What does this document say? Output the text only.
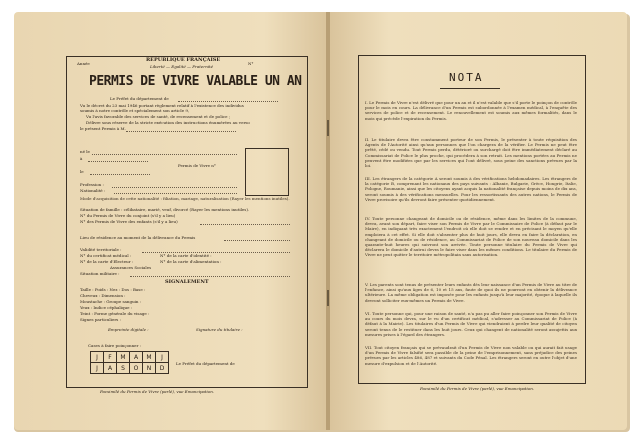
Année
RÉPUBLIQUE FRANÇAISE
Liberté — Egalité — Fraternité
N°
PERMIS DE VIVRE VALABLE UN AN
Le Préfet du département de
Vu le décret du 23 mai 1946 portant règlement relatif à l'existence des individus
soumis à notre contrôle et spécialement son article 9,
Vu l'avis favorable des services de santé, de recensement et de police ;
Délivre sous réserve de la stricte exécution des instructions énumérées au verso
le présent Permis à M.
né le
à
Permis de Vivre n°
le
Profession :
Nationalité :
Mode d'acquisition de cette nationalité : filiation, mariage, naturalisation (Rayer les mentions inutiles).
Situation de famille : célibataire, marié, veuf, divorcé (Rayer les mentions inutiles).
N° du Permis de Vivre du conjoint (s'il y a lieu)
N° des Permis de Vivre des enfants (s'il y a lieu)
Lieu de résidence au moment de la délivrance du Permis
Validité territoriale :
N° du certificat médical :	N° de la carte d'identité :
N° de la carte d'Electeur :	N° de la carte d'alimentation :
Assurances Sociales
Situation militaire :
SIGNALEMENT
Taille : Poids : Nez : Dos : Base :
Cheveux : Dimension :
Moustache : Groupe sanguin :
Yeux : Indice céphalique :
Teint : Forme générale du visage :
Signes particuliers :
Empreinte digitale :	Signature du titulaire :
Cases à faire poinçonner :
J	F	M	A	M	J
J	A	S	O	N	D
Le Préfet du département de
Facsimilé du Permis de Vivre (parlé), vue Emancipation.
NOTA
I. Le Permis de Vivre n'est délivré que pour un an et il n'est valable que s'il porte le poinçon de contrôle pour le mois en cours. La délivrance d'un Permis est subordonnée à l'examen médical, à l'enquête des services de police et de recensement. Le renouvellement est soumis aux mêmes formalités, dans le mois qui précède l'expiration du Permis.
II. Le titulaire devra être constamment porteur de son Permis, le présenter à toute réquisition des Agents de l'Autorité ainsi qu'aux personnes que l'on chargera de la vérifier. Le Permis ne peut être prêté, cédé ou vendu. Tout Permis perdu, détérioré ou surchargé doit être immédiatement déclaré au Commissariat de Police le plus proche, qui procédera à son retrait. Les mentions portées au Permis ne peuvent être modifiées que par les services qui l'ont délivré, sous peine des sanctions prévues par la loi.
III. Les étrangers de la catégorie A seront soumis à des vérifications hebdomadaires. Les étrangers de la catégorie B, comprenant les nationaux des pays suivants : Albanie, Bulgarie, Grèce, Hongrie, Italie, Pologne, Roumanie, ainsi que les citoyens ayant acquis la nationalité française depuis moins de dix ans, seront soumis à des vérifications mensuelles. Pour les ressortissants des autres nations, le Permis de Vivre provisoire qu'ils devront faire présenter quotidiennement.
IV. Toute personne changeant de domicile ou de résidence, même dans les limites de la commune, devra, avant son départ, faire viser son Permis de Vivre par le Commissaire de Police (à défaut par le Maire), en indiquant très exactement l'endroit où elle doit se rendre et en précisant le moyen qu'elle emploiera à cet effet. Si elle doit s'absenter plus de huit jours, elle devra en faire la déclaration, en changeant de domicile ou de résidence, au Commissariat de Police de son nouveau domicile dans les quarante-huit heures qui suivront son arrivée. Toute personne titulaire du Permis de Vivre qui déclarera le domicile d'autrui devra le faire viser dans les mêmes conditions. Le titulaire du Permis de Vivre ne peut quitter le territoire métropolitain sans autorisation.
V. Les parents sont tenus de présenter leurs enfants dès leur naissance d'un Permis de Vivre au titre de l'enfance, ainsi qu'aux âges de 6, 10 et 15 ans, faute de quoi ils ne pourront en obtenir la délivrance ultérieure. La même obligation est imposée pour les enfants jusqu'à leur majorité, époque à laquelle ils devront solliciter eux-mêmes un Permis de Vivre.
VI. Toute personne qui, pour une raison de santé, n'a pas pu aller faire poinçonner son Permis de Vivre au cours du mois devra, sur le vu d'un certificat médical, s'adresser au Commissariat de Police (à défaut à la Mairie). Les titulaires d'un Permis de Vivre qui viendraient à perdre leur qualité de citoyen seront tenus de le restituer dans les huit jours. Ceux qui changent de nationalité seront assujettis aux mesures prises à l'égard des étrangers.
VII. Tout citoyen français qui se prévaudrait d'un Permis de Vivre non valable ou qui aurait fait usage d'un Permis de Vivre falsifié sera passible de la peine de l'emprisonnement, sans préjudice des peines prévues par les articles 486, 487 et suivants du Code Pénal. Les étrangers seront en outre l'objet d'une mesure d'expulsion et de l'Autorité.
Facsimilé du Permis de Vivre (parlé), vue Emancipation.
